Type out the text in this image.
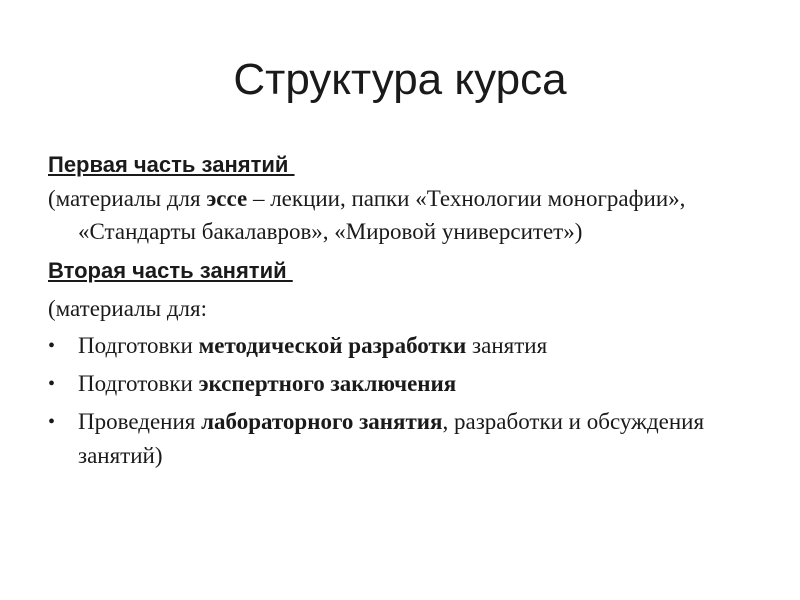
Структура курса

Первая часть занятий

(материалы для эссе – лекции, папки «Технологии монографии», «Стандарты бакалавров», «Мировой университет»)

Вторая часть занятий

(материалы для:

• Подготовки методической разработки занятия
• Подготовки экспертного заключения
• Проведения лабораторного занятия, разработки и обсуждения занятий)
